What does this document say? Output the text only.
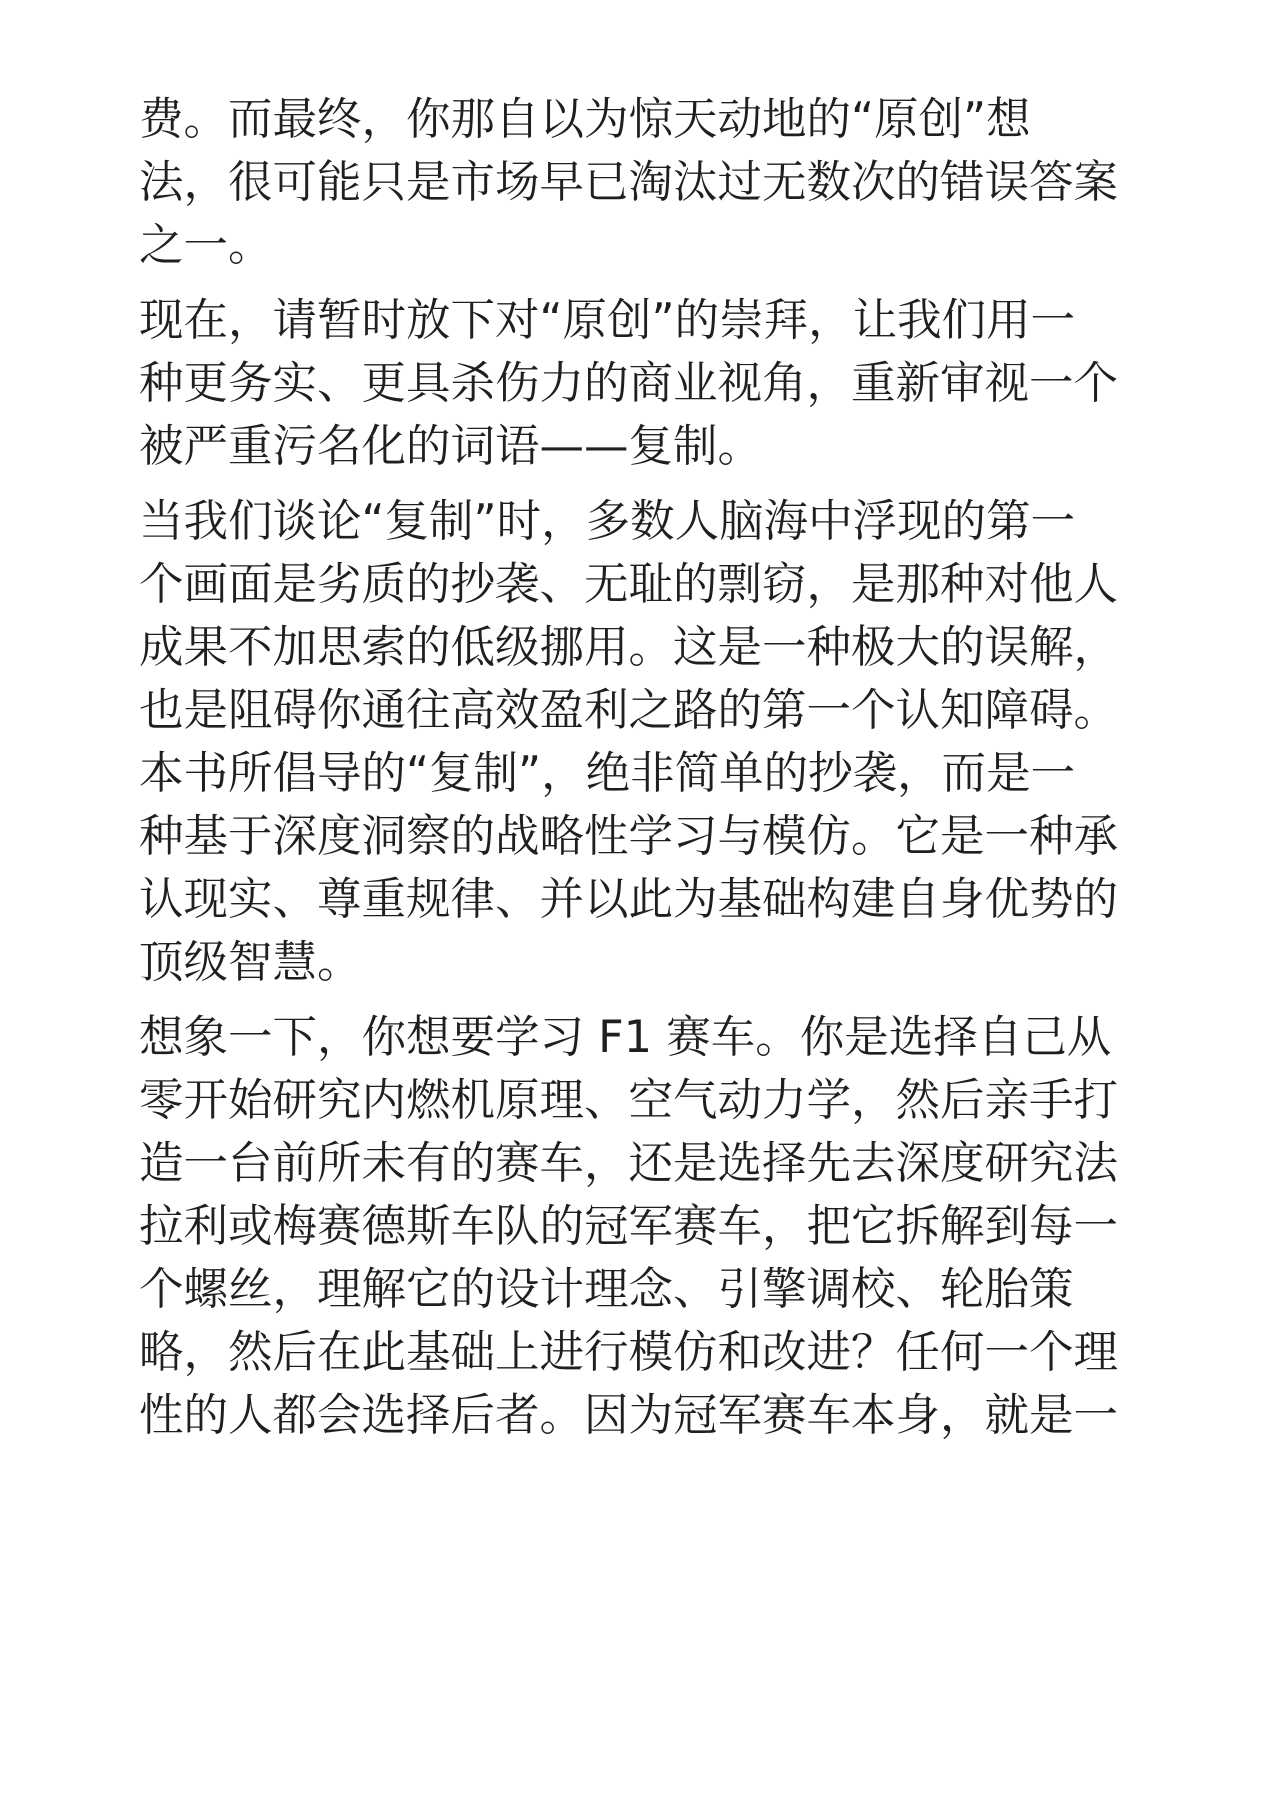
费。而最终，你那自以为惊天动地的“原创”想
法，很可能只是市场早已淘汰过无数次的错误答案
之一。

现在，请暂时放下对“原创”的崇拜，让我们用一
种更务实、更具杀伤力的商业视角，重新审视一个
被严重污名化的词语——复制。

当我们谈论“复制”时，多数人脑海中浮现的第一
个画面是劣质的抄袭、无耻的剽窃，是那种对他人
成果不加思索的低级挪用。这是一种极大的误解，
也是阻碍你通往高效盈利之路的第一个认知障碍。
本书所倡导的“复制”，绝非简单的抄袭，而是一
种基于深度洞察的战略性学习与模仿。它是一种承
认现实、尊重规律、并以此为基础构建自身优势的
顶级智慧。

想象一下，你想要学习 F1 赛车。你是选择自己从
零开始研究内燃机原理、空气动力学，然后亲手打
造一台前所未有的赛车，还是选择先去深度研究法
拉利或梅赛德斯车队的冠军赛车，把它拆解到每一
个螺丝，理解它的设计理念、引擎调校、轮胎策
略，然后在此基础上进行模仿和改进？任何一个理
性的人都会选择后者。因为冠军赛车本身，就是一
